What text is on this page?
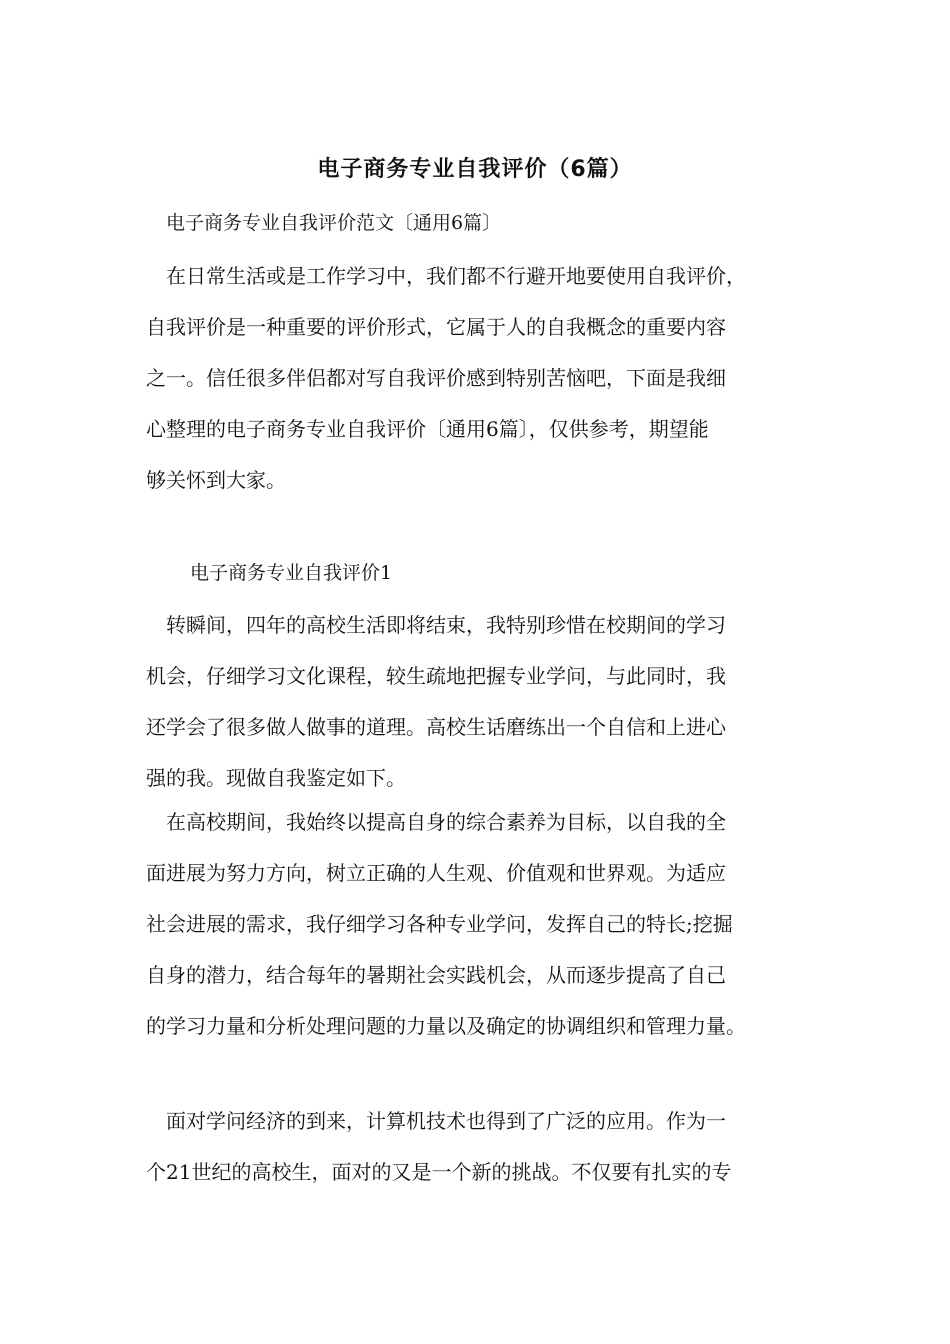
电子商务专业自我评价（6篇）
电子商务专业自我评价范文〔通用6篇〕
　在日常生活或是工作学习中，我们都不行避开地要使用自我评价，
自我评价是一种重要的评价形式，它属于人的自我概念的重要内容
之一。信任很多伴侣都对写自我评价感到特别苦恼吧，下面是我细
心整理的电子商务专业自我评价〔通用6篇〕，仅供参考，期望能
够关怀到大家。
电子商务专业自我评价1
　转瞬间，四年的高校生活即将结束，我特别珍惜在校期间的学习
机会，仔细学习文化课程，较生疏地把握专业学问，与此同时，我
还学会了很多做人做事的道理。高校生话磨练出一个自信和上进心
强的我。现做自我鉴定如下。
　在高校期间，我始终以提高自身的综合素养为目标，以自我的全
面进展为努力方向，树立正确的人生观、价值观和世界观。为适应
社会进展的需求，我仔细学习各种专业学问，发挥自己的特长;挖掘
自身的潜力，结合每年的暑期社会实践机会，从而逐步提高了自己
的学习力量和分析处理问题的力量以及确定的协调组织和管理力量。
　面对学问经济的到来，计算机技术也得到了广泛的应用。作为一
个21世纪的高校生，面对的又是一个新的挑战。不仅要有扎实的专
